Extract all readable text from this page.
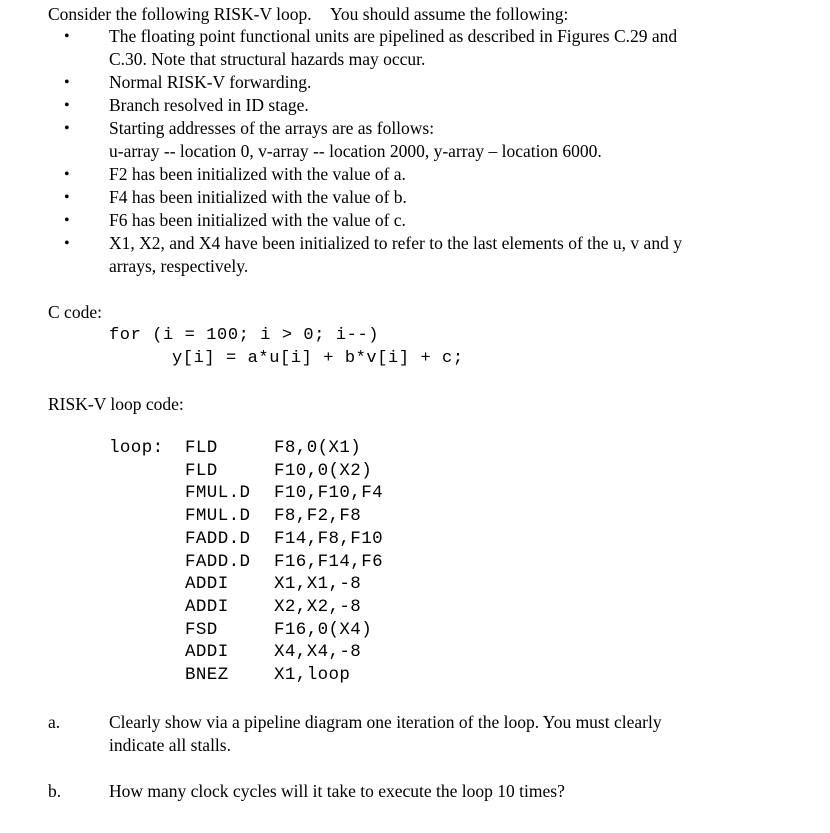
Consider the following RISK-V loop. You should assume the following:
• The floating point functional units are pipelined as described in Figures C.29 and
C.30. Note that structural hazards may occur.
• Normal RISK-V forwarding.
• Branch resolved in ID stage.
• Starting addresses of the arrays are as follows:
u-array -- location 0, v-array -- location 2000, y-array – location 6000.
• F2 has been initialized with the value of a.
• F4 has been initialized with the value of b.
• F6 has been initialized with the value of c.
• X1, X2, and X4 have been initialized to refer to the last elements of the u, v and y
arrays, respectively.
C code:
for (i = 100; i > 0; i--)
y[i] = a*u[i] + b*v[i] + c;
RISK-V loop code:
loop: FLD
FLD
FMUL.D
FMUL.D
FADD.D
FADD.D
ADDI
ADDI
FSD
ADDI
BNEZ
F8,0(X1)
F10,0(X2)
F10,F10,F4
F8,F2,F8
F14,F8,F10
F16,F14,F6
X1,X1,-8
X2,X2,-8
F16,0(X4)
X4,X4,-8
X1,loop
a.	Clearly show via a pipeline diagram one iteration of the loop. You must clearly
indicate all stalls.
b.	How many clock cycles will it take to execute the loop 10 times?
